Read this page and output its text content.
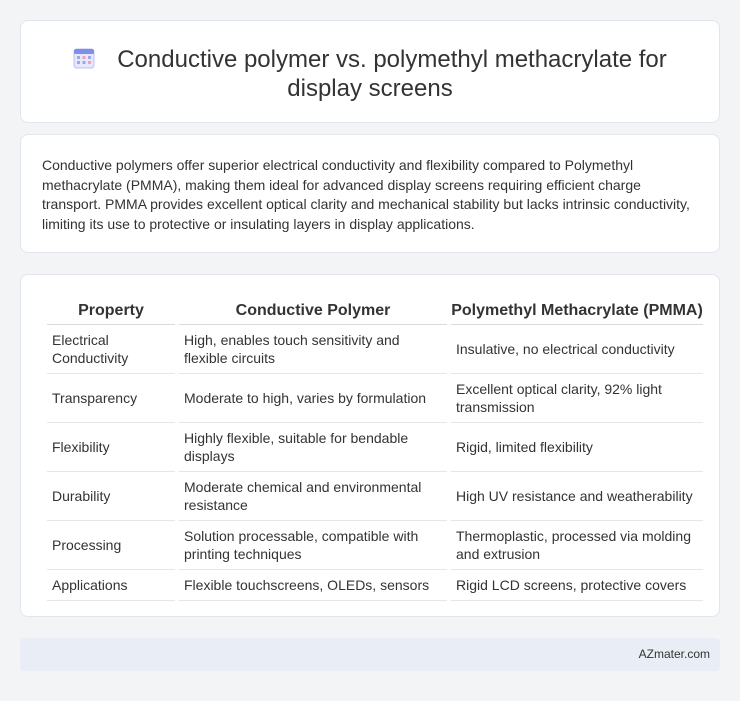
Conductive polymer vs. polymethyl methacrylate for display screens

Conductive polymers offer superior electrical conductivity and flexibility compared to Polymethyl methacrylate (PMMA), making them ideal for advanced display screens requiring efficient charge transport. PMMA provides excellent optical clarity and mechanical stability but lacks intrinsic conductivity, limiting its use to protective or insulating layers in display applications.

Property	Conductive Polymer	Polymethyl Methacrylate (PMMA)
Electrical Conductivity	High, enables touch sensitivity and flexible circuits	Insulative, no electrical conductivity
Transparency	Moderate to high, varies by formulation	Excellent optical clarity, 92% light transmission
Flexibility	Highly flexible, suitable for bendable displays	Rigid, limited flexibility
Durability	Moderate chemical and environmental resistance	High UV resistance and weatherability
Processing	Solution processable, compatible with printing techniques	Thermoplastic, processed via molding and extrusion
Applications	Flexible touchscreens, OLEDs, sensors	Rigid LCD screens, protective covers
AZmater.com
